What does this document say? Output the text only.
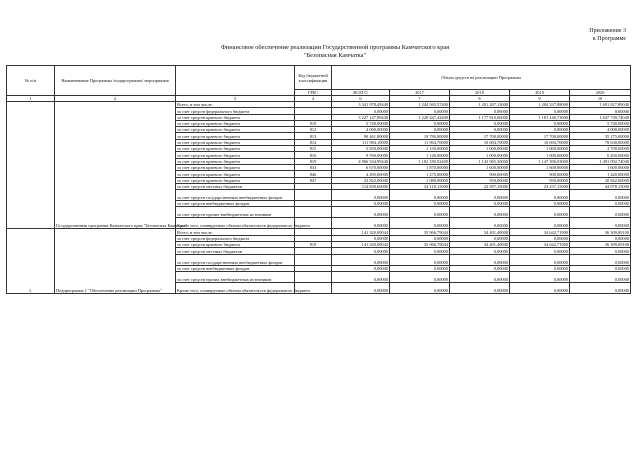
Приложение 3
к Программе
Финансовое обеспечение реализации Государственной программы Камчатского края
"Безопасная Камчатка"
№ п/п	Наименование Программы /подпрограммы/ мероприятия		Код бюджетной классификации	Объем средств на реализацию Программы				
			ГРБС	ВСЕГО	2017	2018	2019	2020
1	2	3	4	6	7	8	9	10
	Государственная программа Камчатского края "Безопасная Камчатка"	Всего, в том числе:		3 341 978,49440	1 244 565,57400	1 201 207,13000	1 204 337,88000	1 691 827,89040
		за счет средств федерального бюджета		0,00000	0,00000	0,00000	0,00000	0,00000
		за счет средств краевого бюджета		3 227 147,89440	1 220 447,42400	1 177 810,00000	1 181 140,73000	1 647 749,74040
		за счет средств краевого бюджета	810	5 740,00000	0,00000	0,00000	0,00000	5 740,00000
		за счет средств краевого бюджета	812	4 000,00000	0,00000	0,00000	0,00000	4 000,00000
		за счет средств краевого бюджета	813	90 461,80000	19 786,80000	17 700,00000	17 700,00000	35 275,00000
		за счет средств краевого бюджета	814	111 984,10000	11 964,70000	10 694,70000	10 694,70000	78 630,00000
		за счет средств краевого бюджета	815	5 850,00000	1 150,00000	1 000,00000	1 000,00000	2 700,00000
		за счет средств краевого бюджета	816	9 590,00000	1 140,00000	1 000,00000	1 000,00000	6 450,00000
		за счет средств краевого бюджета	819	4 966 534,99440	1 182 180,92400	1 143 965,30000	1 147 396,03000	1 491 092,74040
		за счет средств краевого бюджета	833	6 670,00000	1 870,00000	1 600,00000	1 600,00000	1 600,00000
		за счет средств краевого бюджета	846	4 495,00000	1 275,00000	900,00000	900,00000	1 420,00000
		за счет средств краевого бюджета	847	23 822,00000	1 080,00000	950,00000	950,00000	20 842,00000
		за счет средств местных бюджетов		114 830,60000	24 118,15000	23 397,15000	23 237,15000	44 078,15000
		за счет средств государственных внебюджетных фондов		0,00000	0,00000	0,00000	0,00000	0,00000
		за счет средств внебюджетных фондов		0,00000	0,00000	0,00000	0,00000	0,00000
		за счет средств прочих внебюджетных источников		0,00000	0,00000	0,00000	0,00000	0,00000
		Кроме того, планируемые объемы обязательств федерального бюджета		0,00000	0,00000	0,00000	0,00000	0,00000
1.	Подпрограмма 1 "Обеспечение реализации Программы"	Всего, в том числе:		141 320,00044	35 966,79044	34 401,40000	34 642,71900	36 309,09100
		за счет средств федерального бюджета		0,00000	0,00000	0,00000	0,00000	0,00000
		за счет средств краевого бюджета	819	141 320,00044	35 966,79044	34 401,40000	34 642,71900	36 309,09100
		за счет средств местных бюджетов		0,00000	0,00000	0,00000	0,00000	0,00000
		за счет средств государственных внебюджетных фондов		0,00000	0,00000	0,00000	0,00000	0,00000
		за счет средств внебюджетных фондов		0,00000	0,00000	0,00000	0,00000	0,00000
		за счет средств прочих внебюджетных источников		0,00000	0,00000	0,00000	0,00000	0,00000
		Кроме того, планируемые объемы обязательств федерального бюджета		0,00000	0,00000	0,00000	0,00000	0,00000
